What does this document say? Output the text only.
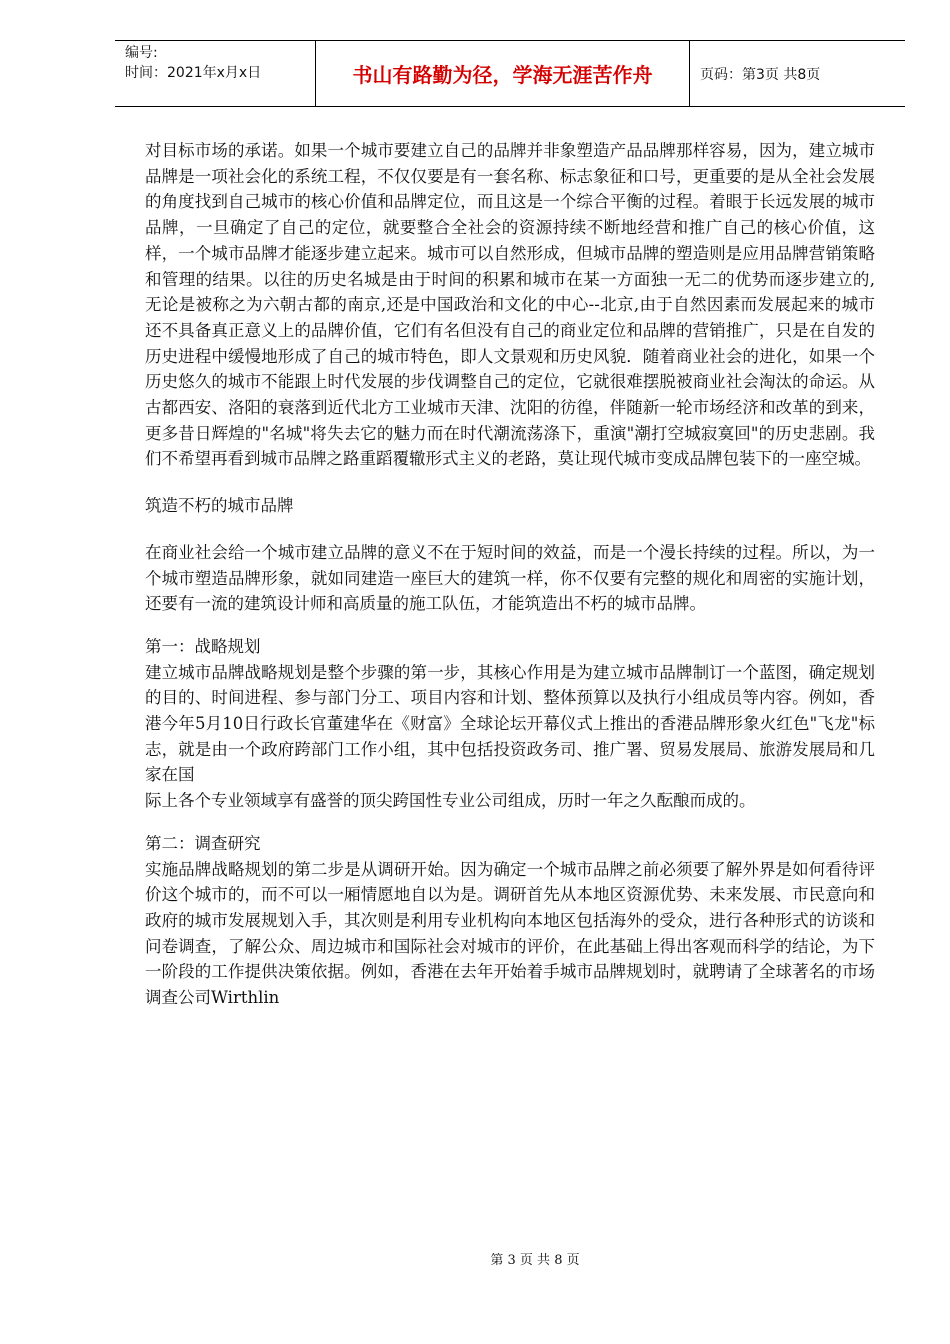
编号:
时间：2021年x月x日	书山有路勤为径，学海无涯苦作舟	页码：第3页 共8页

对目标市场的承诺。如果一个城市要建立自己的品牌并非象塑造产品品牌那样容易，因为，建立城市品牌是一项社会化的系统工程，不仅仅要是有一套名称、标志象征和口号，更重要的是从全社会发展的角度找到自己城市的核心价值和品牌定位，而且这是一个综合平衡的过程。着眼于长远发展的城市品牌，一旦确定了自己的定位，就要整合全社会的资源持续不断地经营和推广自己的核心价值，这样，一个城市品牌才能逐步建立起来。城市可以自然形成，但城市品牌的塑造则是应用品牌营销策略和管理的结果。以往的历史名城是由于时间的积累和城市在某一方面独一无二的优势而逐步建立的,无论是被称之为六朝古都的南京,还是中国政治和文化的中心--北京,由于自然因素而发展起来的城市还不具备真正意义上的品牌价值，它们有名但没有自己的商业定位和品牌的营销推广，只是在自发的历史进程中缓慢地形成了自己的城市特色，即人文景观和历史风貌．随着商业社会的进化，如果一个历史悠久的城市不能跟上时代发展的步伐调整自己的定位，它就很难摆脱被商业社会淘汰的命运。从古都西安、洛阳的衰落到近代北方工业城市天津、沈阳的彷徨，伴随新一轮市场经济和改革的到来，更多昔日辉煌的"名城"将失去它的魅力而在时代潮流荡涤下，重演"潮打空城寂寞回"的历史悲剧。我们不希望再看到城市品牌之路重蹈覆辙形式主义的老路，莫让现代城市变成品牌包装下的一座空城。

筑造不朽的城市品牌

在商业社会给一个城市建立品牌的意义不在于短时间的效益，而是一个漫长持续的过程。所以，为一个城市塑造品牌形象，就如同建造一座巨大的建筑一样，你不仅要有完整的规化和周密的实施计划，还要有一流的建筑设计师和高质量的施工队伍，才能筑造出不朽的城市品牌。

第一：战略规划

建立城市品牌战略规划是整个步骤的第一步，其核心作用是为建立城市品牌制订一个蓝图，确定规划的目的、时间进程、参与部门分工、项目内容和计划、整体预算以及执行小组成员等内容。例如，香港今年5月10日行政长官董建华在《财富》全球论坛开幕仪式上推出的香港品牌形象火红色"飞龙"标志，就是由一个政府跨部门工作小组，其中包括投资政务司、推广署、贸易发展局、旅游发展局和几家在国

际上各个专业领域享有盛誉的顶尖跨国性专业公司组成，历时一年之久酝酿而成的。

第二：调查研究

实施品牌战略规划的第二步是从调研开始。因为确定一个城市品牌之前必须要了解外界是如何看待评价这个城市的，而不可以一厢情愿地自以为是。调研首先从本地区资源优势、未来发展、市民意向和政府的城市发展规划入手，其次则是利用专业机构向本地区包括海外的受众，进行各种形式的访谈和问卷调查，了解公众、周边城市和国际社会对城市的评价，在此基础上得出客观而科学的结论，为下一阶段的工作提供决策依据。例如，香港在去年开始着手城市品牌规划时，就聘请了全球著名的市场调查公司Wirthlin

第 3 页 共 8 页
